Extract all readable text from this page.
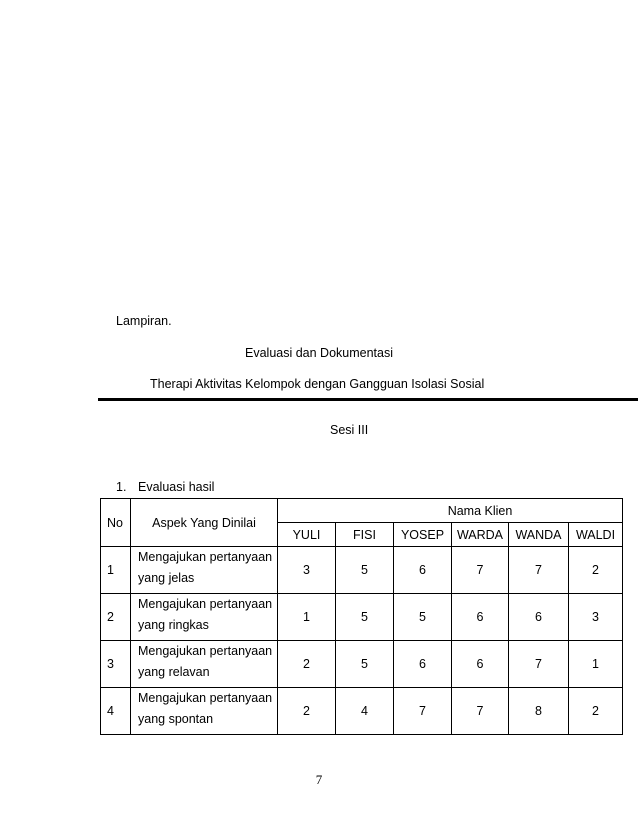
Lampiran.
Evaluasi dan Dokumentasi
Therapi Aktivitas Kelompok dengan Gangguan Isolasi Sosial
Sesi III
1. Evaluasi hasil
No	Aspek Yang Dinilai	Nama Klien					
		YULI	FISI	YOSEP	WARDA	WANDA	WALDI
1	Mengajukan pertanyaan
yang jelas	3	5	6	7	7	2
2	Mengajukan pertanyaan
yang ringkas	1	5	5	6	6	3
3	Mengajukan pertanyaan
yang relavan	2	5	6	6	7	1
4	Mengajukan pertanyaan
yang spontan	2	4	7	7	8	2
7
